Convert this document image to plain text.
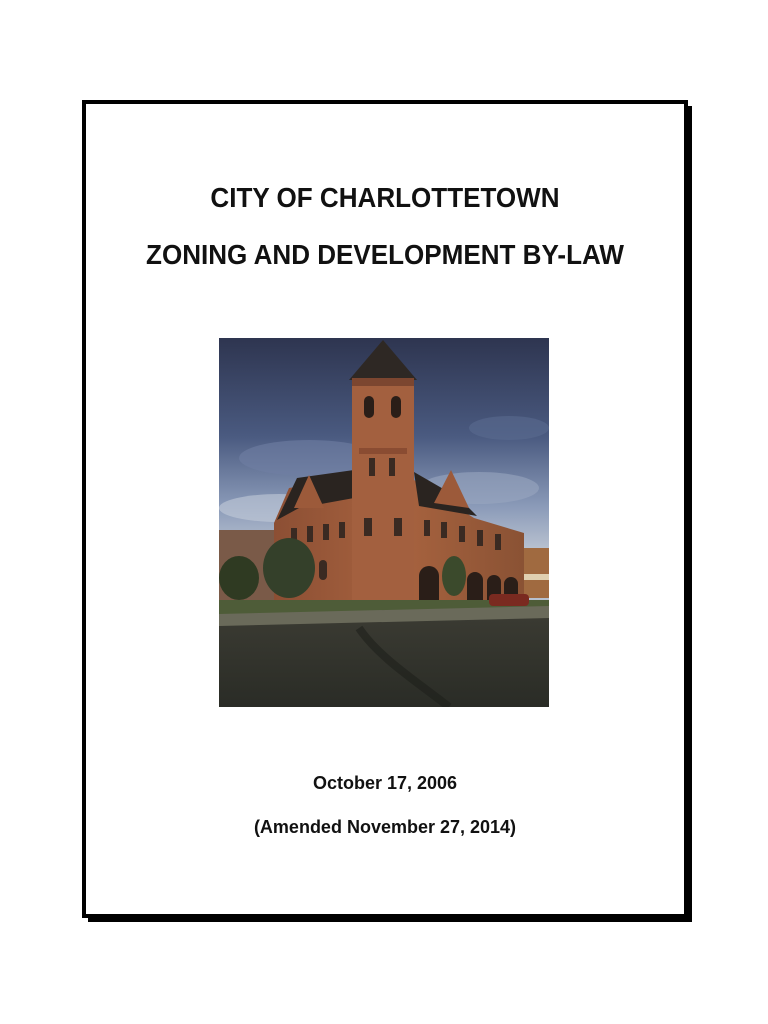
CITY OF CHARLOTTETOWN
ZONING AND DEVELOPMENT BY-LAW
October 17, 2006
(Amended November 27, 2014)
